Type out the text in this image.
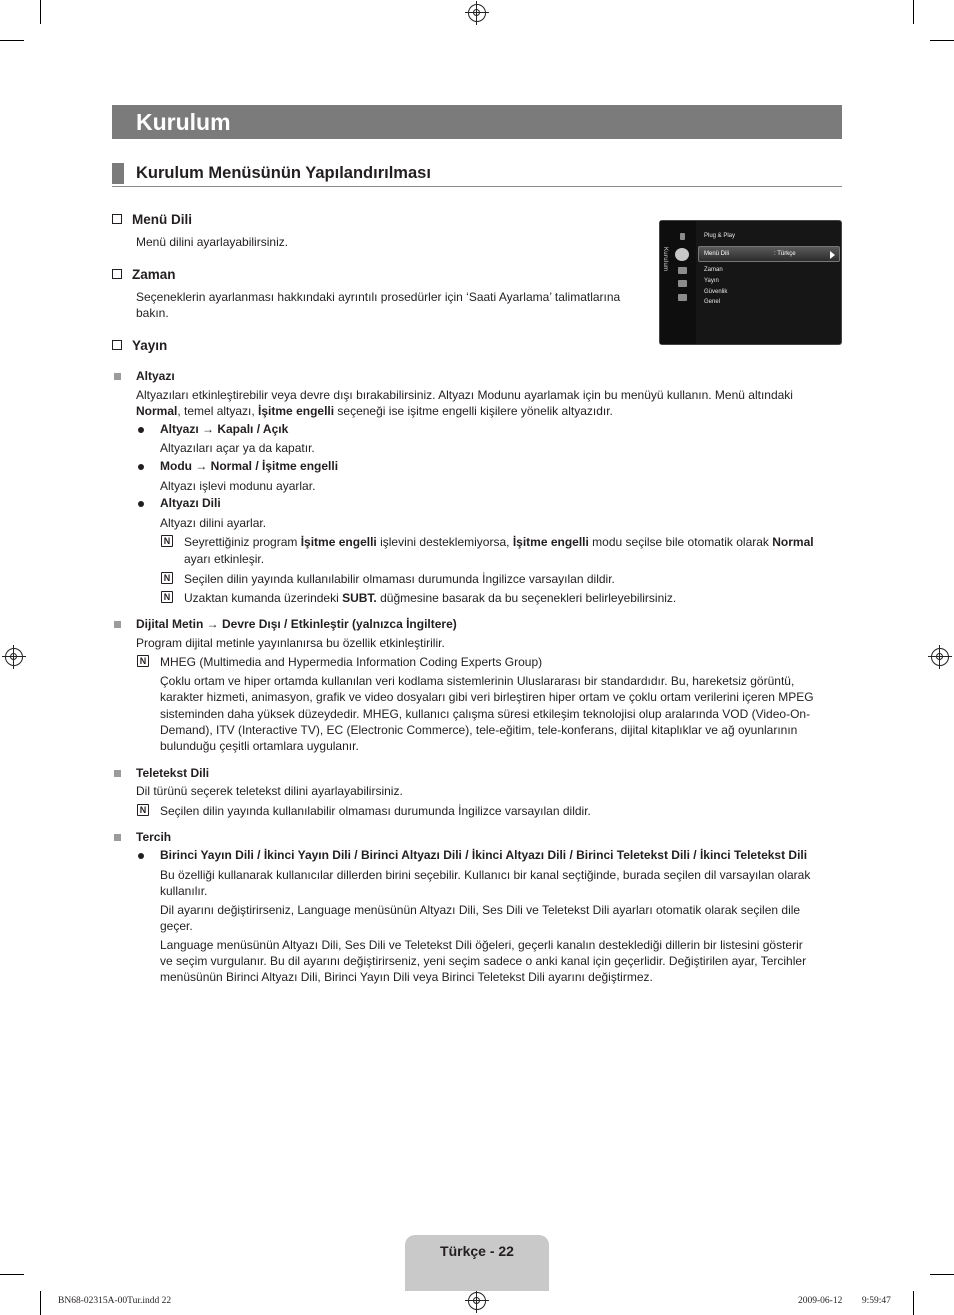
Kurulum
Kurulum Menüsünün Yapılandırılması
Menü Dili
Menü dilini ayarlayabilirsiniz.
Zaman
Seçeneklerin ayarlanması hakkındaki ayrıntılı prosedürler için ‘Saati Ayarlama’ talimatlarına
bakın.
Yayın
Kurulum
Plug & Play
Menü Dili	: Türkçe
Zaman
Yayın
Güvenlik
Genel
Altyazı
Altyazıları etkinleştirebilir veya devre dışı bırakabilirsiniz. Altyazı Modunu ayarlamak için bu menüyü kullanın. Menü altındaki
Normal, temel altyazı, İşitme engelli seçeneği ise işitme engelli kişilere yönelik altyazıdır.
Altyazı → Kapalı / Açık
Altyazıları açar ya da kapatır.
Modu → Normal / İşitme engelli
Altyazı işlevi modunu ayarlar.
Altyazı Dili
Altyazı dilini ayarlar.
N Seyrettiğiniz program İşitme engelli işlevini desteklemiyorsa, İşitme engelli modu seçilse bile otomatik olarak Normal
ayarı etkinleşir.
N Seçilen dilin yayında kullanılabilir olmaması durumunda İngilizce varsayılan dildir.
N Uzaktan kumanda üzerindeki SUBT. düğmesine basarak da bu seçenekleri belirleyebilirsiniz.
Dijital Metin → Devre Dışı / Etkinleştir (yalnızca İngiltere)
Program dijital metinle yayınlanırsa bu özellik etkinleştirilir.
N MHEG (Multimedia and Hypermedia Information Coding Experts Group)
Çoklu ortam ve hiper ortamda kullanılan veri kodlama sistemlerinin Uluslararası bir standardıdır. Bu, hareketsiz görüntü,
karakter hizmeti, animasyon, grafik ve video dosyaları gibi veri birleştiren hiper ortam ve çoklu ortam verilerini içeren MPEG
sisteminden daha yüksek düzeydedir. MHEG, kullanıcı çalışma süresi etkileşim teknolojisi olup aralarında VOD (Video-On-
Demand), ITV (Interactive TV), EC (Electronic Commerce), tele-eğitim, tele-konferans, dijital kitaplıklar ve ağ oyunlarının
bulunduğu çeşitli ortamlara uygulanır.
Teletekst Dili
Dil türünü seçerek teletekst dilini ayarlayabilirsiniz.
N Seçilen dilin yayında kullanılabilir olmaması durumunda İngilizce varsayılan dildir.
Tercih
Birinci Yayın Dili / İkinci Yayın Dili / Birinci Altyazı Dili / İkinci Altyazı Dili / Birinci Teletekst Dili / İkinci Teletekst Dili
Bu özelliği kullanarak kullanıcılar dillerden birini seçebilir. Kullanıcı bir kanal seçtiğinde, burada seçilen dil varsayılan olarak
kullanılır.
Dil ayarını değiştirirseniz, Language menüsünün Altyazı Dili, Ses Dili ve Teletekst Dili ayarları otomatik olarak seçilen dile
geçer.
Language menüsünün Altyazı Dili, Ses Dili ve Teletekst Dili öğeleri, geçerli kanalın desteklediği dillerin bir listesini gösterir
ve seçim vurgulanır. Bu dil ayarını değiştirirseniz, yeni seçim sadece o anki kanal için geçerlidir. Değiştirilen ayar, Tercihler
menüsünün Birinci Altyazı Dili, Birinci Yayın Dili veya Birinci Teletekst Dili ayarını değiştirmez.
Türkçe - 22
BN68-02315A-00Tur.indd 22	2009-06-12 ￿￿ 9:59:47
